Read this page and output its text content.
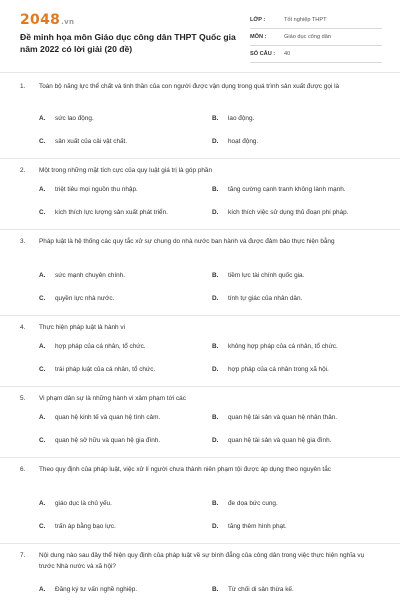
2048.vn
Đề minh họa môn Giáo dục công dân THPT Quốc gia năm 2022 có lời giải (20 đề)
LỚP :	Tốt nghiệp THPT
MÔN :	Giáo dục công dân
SỐ CÂU :	40
1. Toàn bộ năng lực thể chất và tinh thần của con người được vận dụng trong quá trình sản xuất được gọi là
A. sức lao động.	B. lao động.
C. sản xuất của cải vật chất.	D. hoạt động.
2. Một trong những mặt tích cực của quy luật giá trị là góp phần
A. triệt tiêu mọi nguồn thu nhập.	B. tăng cường cạnh tranh không lành mạnh.
C. kích thích lực lượng sản xuất phát triển.	D. kích thích việc sử dụng thủ đoạn phi pháp.
3. Pháp luật là hệ thống các quy tắc xử sự chung do nhà nước ban hành và được đảm bảo thực hiện bằng
A. sức mạnh chuyên chính.	B. tiềm lực tài chính quốc gia.
C. quyền lực nhà nước.	D. tính tự giác của nhân dân.
4. Thực hiện pháp luật là hành vi
A. hợp pháp của cá nhân, tổ chức.	B. không hợp pháp của cá nhân, tổ chức.
C. trái pháp luật của cá nhân, tổ chức.	D. hợp pháp của cá nhân trong xã hội.
5. Vi phạm dân sự là những hành vi xâm phạm tới các
A. quan hệ kinh tế và quan hệ tình cảm.	B. quan hệ tài sản và quan hệ nhân thân.
C. quan hệ sở hữu và quan hệ gia đình.	D. quan hệ tài sản và quan hệ gia đình.
6. Theo quy định của pháp luật, việc xử lí người chưa thành niên phạm tội được áp dụng theo nguyên tắc
A. giáo dục là chủ yếu.	B. đe dọa bức cung.
C. trấn áp bằng bạo lực.	D. tăng thêm hình phạt.
7. Nội dung nào sau đây thể hiện quy định của pháp luật về sự bình đẳng của công dân trong việc thực hiện nghĩa vụ trước Nhà nước và xã hội?
A. Đăng ký tư vấn nghề nghiệp.	B. Từ chối di sản thừa kế.
